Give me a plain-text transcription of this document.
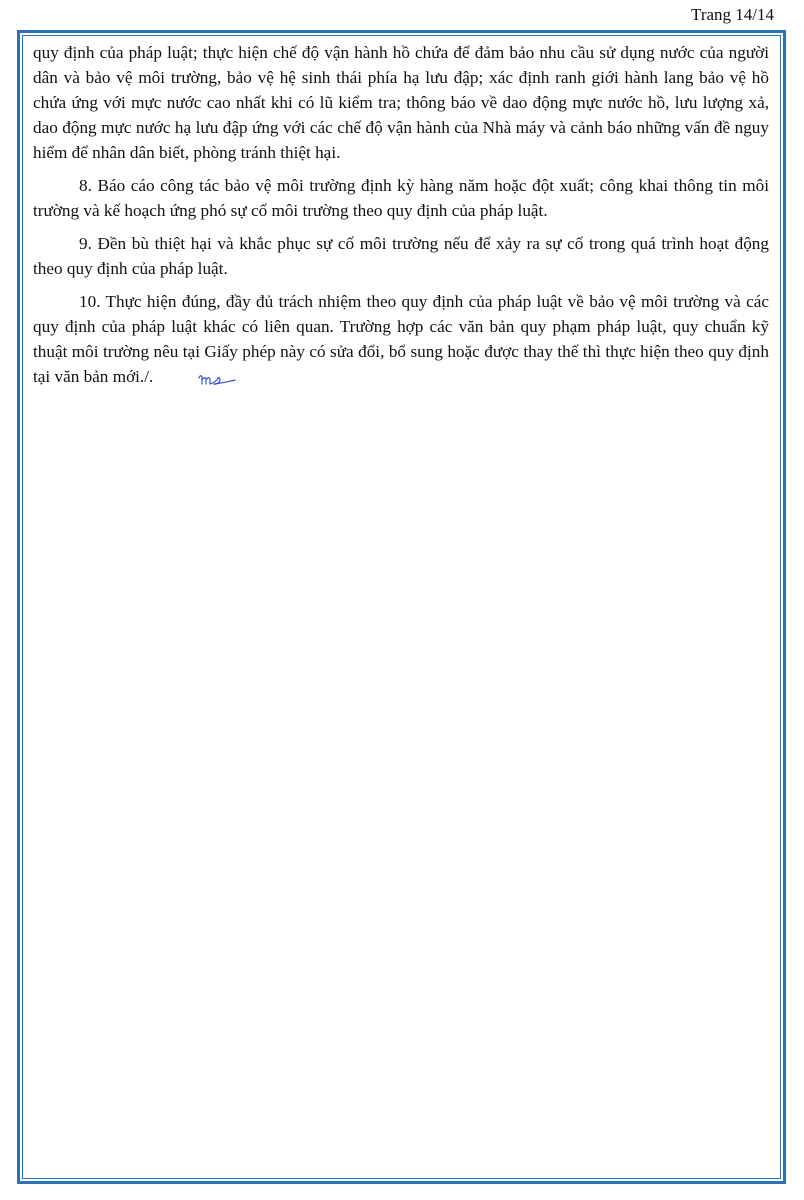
Trang 14/14

quy định của pháp luật; thực hiện chế độ vận hành hồ chứa để đảm bảo nhu cầu sử dụng nước của người dân và bảo vệ môi trường, bảo vệ hệ sinh thái phía hạ lưu đập; xác định ranh giới hành lang bảo vệ hồ chứa ứng với mực nước cao nhất khi có lũ kiểm tra; thông báo về dao động mực nước hồ, lưu lượng xả, dao động mực nước hạ lưu đập ứng với các chế độ vận hành của Nhà máy và cảnh báo những vấn đề nguy hiểm để nhân dân biết, phòng tránh thiệt hại.

8. Báo cáo công tác bảo vệ môi trường định kỳ hàng năm hoặc đột xuất; công khai thông tin môi trường và kế hoạch ứng phó sự cố môi trường theo quy định của pháp luật.

9. Đền bù thiệt hại và khắc phục sự cố môi trường nếu để xảy ra sự cố trong quá trình hoạt động theo quy định của pháp luật.

10. Thực hiện đúng, đầy đủ trách nhiệm theo quy định của pháp luật về bảo vệ môi trường và các quy định của pháp luật khác có liên quan. Trường hợp các văn bản quy phạm pháp luật, quy chuẩn kỹ thuật môi trường nêu tại Giấy phép này có sửa đổi, bổ sung hoặc được thay thế thì thực hiện theo quy định tại văn bản mới./.
